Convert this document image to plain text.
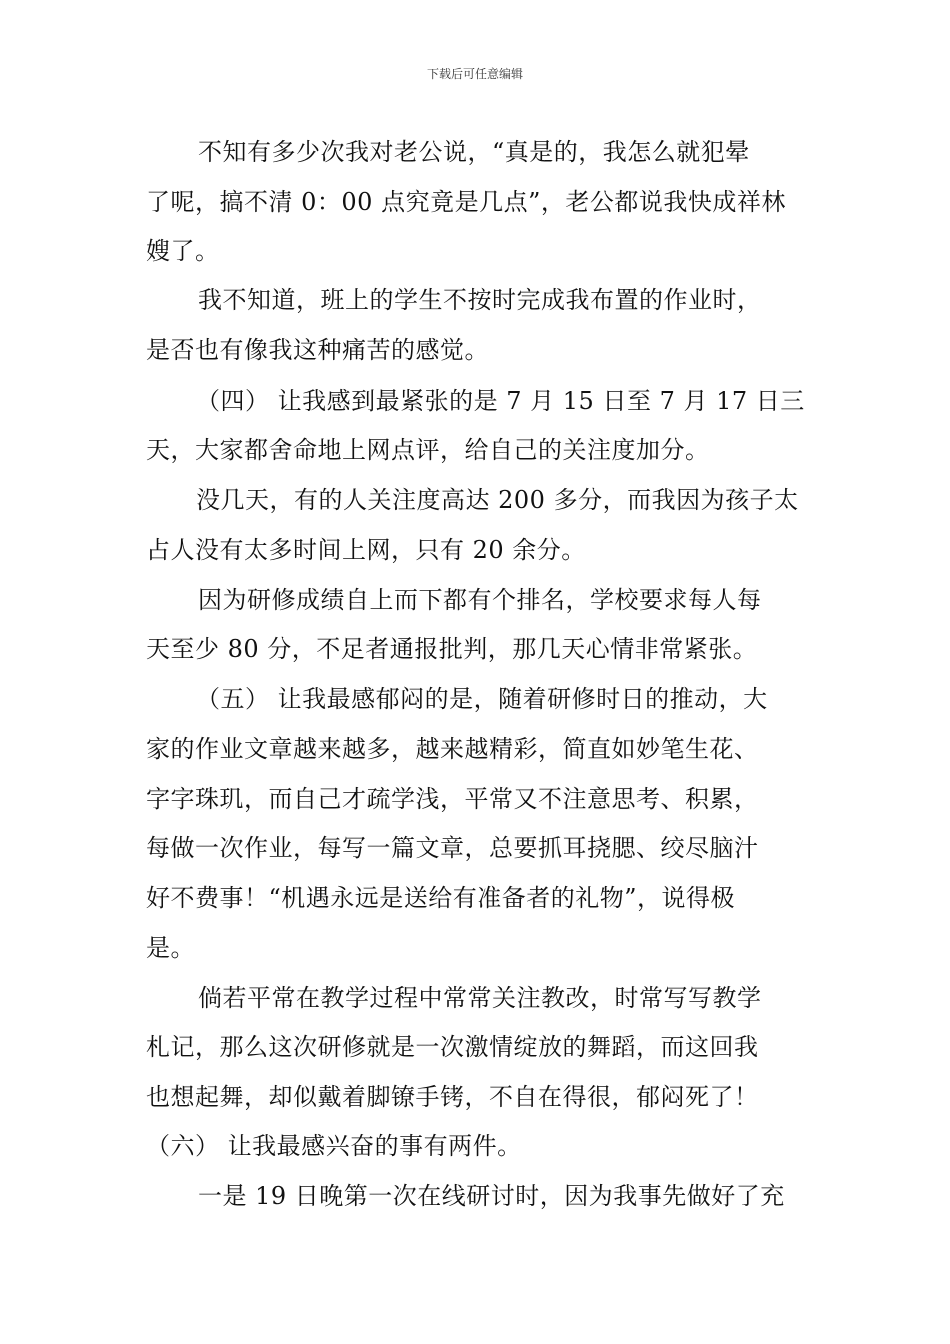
下载后可任意编辑
不知有多少次我对老公说，“真是的，我怎么就犯晕
了呢，搞不清 0：00 点究竟是几点”，老公都说我快成祥林
嫂了。
我不知道，班上的学生不按时完成我布置的作业时，
是否也有像我这种痛苦的感觉。
（四） 让我感到最紧张的是 7 月 15 日至 7 月 17 日三
天，大家都舍命地上网点评，给自己的关注度加分。
没几天，有的人关注度高达 200 多分，而我因为孩子太
占人没有太多时间上网，只有 20 余分。
因为研修成绩自上而下都有个排名，学校要求每人每
天至少 80 分，不足者通报批判，那几天心情非常紧张。
（五） 让我最感郁闷的是，随着研修时日的推动，大
家的作业文章越来越多，越来越精彩，简直如妙笔生花、
字字珠玑，而自己才疏学浅，平常又不注意思考、积累，
每做一次作业，每写一篇文章，总要抓耳挠腮、绞尽脑汁
好不费事！“机遇永远是送给有准备者的礼物”，说得极
是。
倘若平常在教学过程中常常关注教改，时常写写教学
札记，那么这次研修就是一次激情绽放的舞蹈，而这回我
也想起舞，却似戴着脚镣手铐，不自在得很，郁闷死了！
（六） 让我最感兴奋的事有两件。
一是 19 日晚第一次在线研讨时，因为我事先做好了充
